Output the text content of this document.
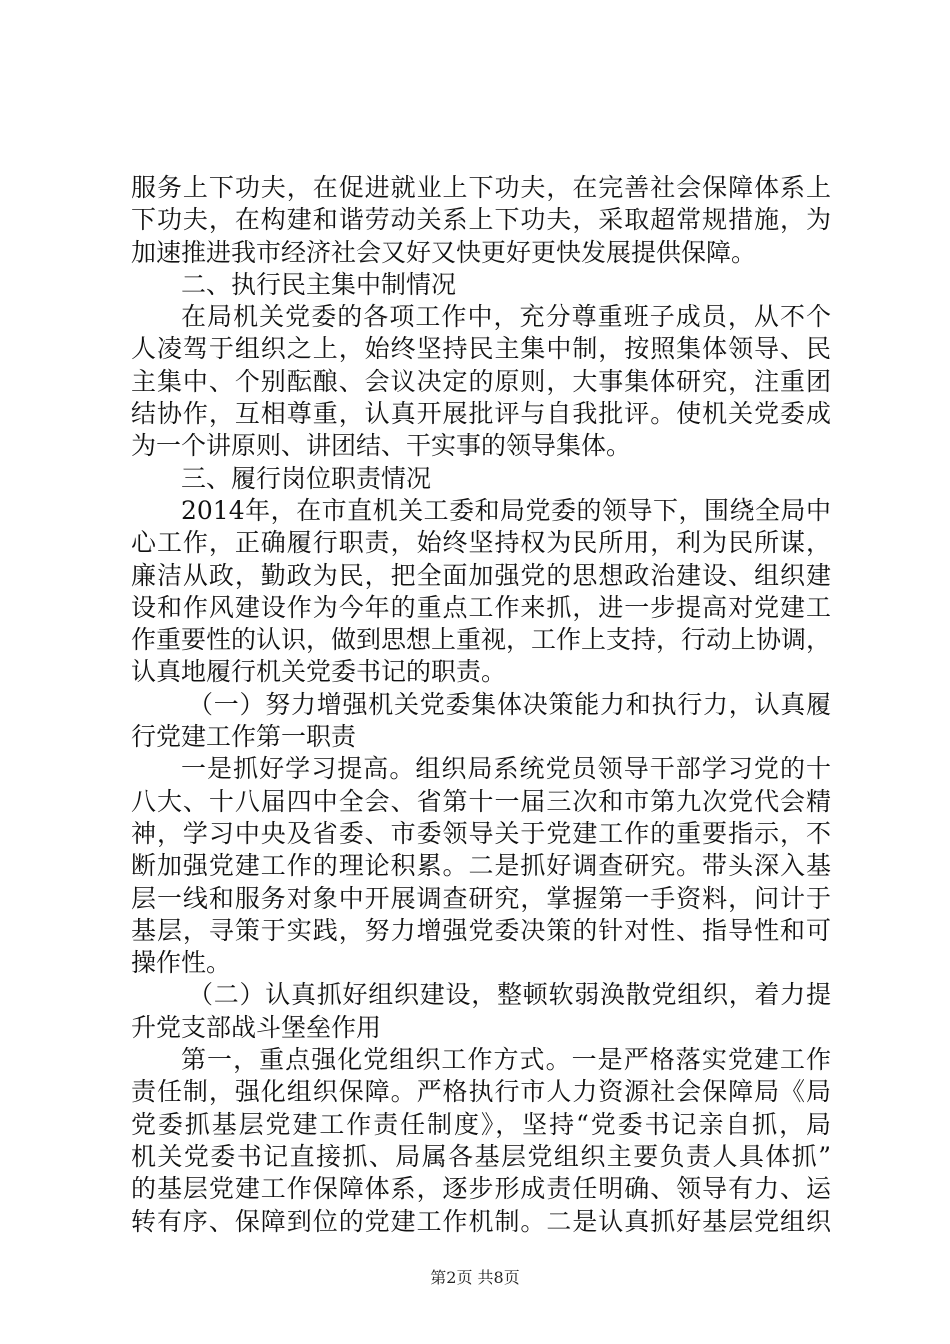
服务上下功夫，在促进就业上下功夫，在完善社会保障体系上
下功夫，在构建和谐劳动关系上下功夫，采取超常规措施，为
加速推进我市经济社会又好又快更好更快发展提供保障。
二、执行民主集中制情况
在局机关党委的各项工作中，充分尊重班子成员，从不个
人凌驾于组织之上，始终坚持民主集中制，按照集体领导、民
主集中、个别酝酿、会议决定的原则，大事集体研究，注重团
结协作，互相尊重，认真开展批评与自我批评。使机关党委成
为一个讲原则、讲团结、干实事的领导集体。
三、履行岗位职责情况
2014年，在市直机关工委和局党委的领导下，围绕全局中
心工作，正确履行职责，始终坚持权为民所用，利为民所谋，
廉洁从政，勤政为民，把全面加强党的思想政治建设、组织建
设和作风建设作为今年的重点工作来抓，进一步提高对党建工
作重要性的认识，做到思想上重视，工作上支持，行动上协调，
认真地履行机关党委书记的职责。
（一）努力增强机关党委集体决策能力和执行力，认真履
行党建工作第一职责
一是抓好学习提高。组织局系统党员领导干部学习党的十
八大、十八届四中全会、省第十一届三次和市第九次党代会精
神，学习中央及省委、市委领导关于党建工作的重要指示，不
断加强党建工作的理论积累。二是抓好调查研究。带头深入基
层一线和服务对象中开展调查研究，掌握第一手资料，问计于
基层，寻策于实践，努力增强党委决策的针对性、指导性和可
操作性。
（二）认真抓好组织建设，整顿软弱涣散党组织，着力提
升党支部战斗堡垒作用
第一，重点强化党组织工作方式。一是严格落实党建工作
责任制，强化组织保障。严格执行市人力资源社会保障局《局
党委抓基层党建工作责任制度》，坚持“党委书记亲自抓，局
机关党委书记直接抓、局属各基层党组织主要负责人具体抓”
的基层党建工作保障体系，逐步形成责任明确、领导有力、运
转有序、保障到位的党建工作机制。二是认真抓好基层党组织
第2页 共8页
